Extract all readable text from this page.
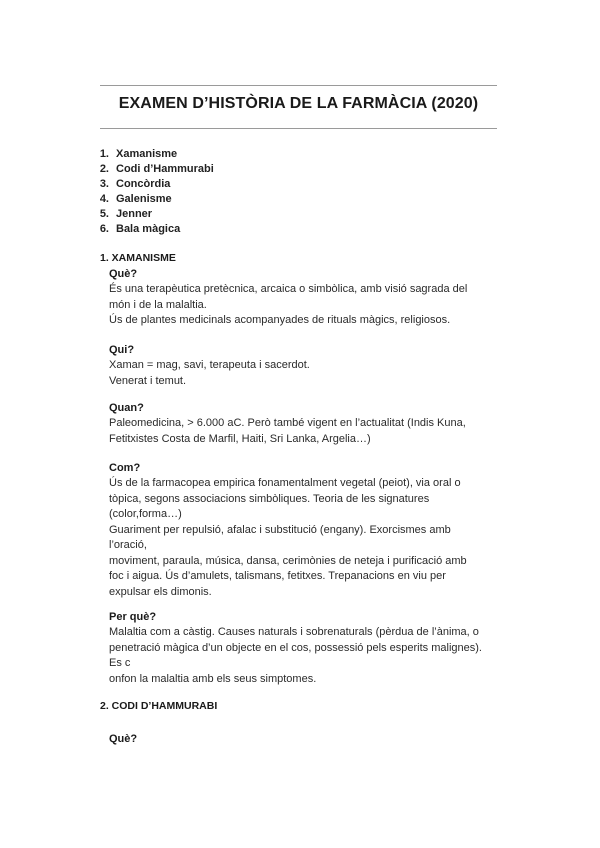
EXAMEN D’HISTÒRIA DE LA FARMÀCIA (2020)
1. Xamanisme
2. Codi d’Hammurabi
3. Concòrdia
4. Galenisme
5. Jenner
6. Bala màgica
1. XAMANISME
Què?
És una terapèutica pretècnica, arcaica o simbòlica, amb visió sagrada del
món i de la malaltia.
Ús de plantes medicinals acompanyades de rituals màgics, religiosos.
Qui?
Xaman = mag, savi, terapeuta i sacerdot.
Venerat i temut.
Quan?
Paleomedicina, > 6.000 aC. Però també vigent en l’actualitat (Indis Kuna,
Fetitxistes Costa de Marfil, Haiti, Sri Lanka, Argelia…)
Com?
Ús de la farmacopea empirica fonamentalment vegetal (peiot), via oral o
tòpica, segons associacions simbòliques. Teoria de les signatures
(color,forma…)
Guariment per repulsió, afalac i substitució (engany). Exorcismes amb
l’oració,
moviment, paraula, música, dansa, cerimònies de neteja i purificació amb
foc i aigua. Ús d’amulets, talismans, fetitxes. Trepanacions en viu per
expulsar els dimonis.
Per què?
Malaltia com a càstig. Causes naturals i sobrenaturals (pèrdua de l’ànima, o
penetració màgica d’un objecte en el cos, possessió pels esperits malignes).
Es c
onfon la malaltia amb els seus simptomes.
2. CODI D’HAMMURABI
Què?
